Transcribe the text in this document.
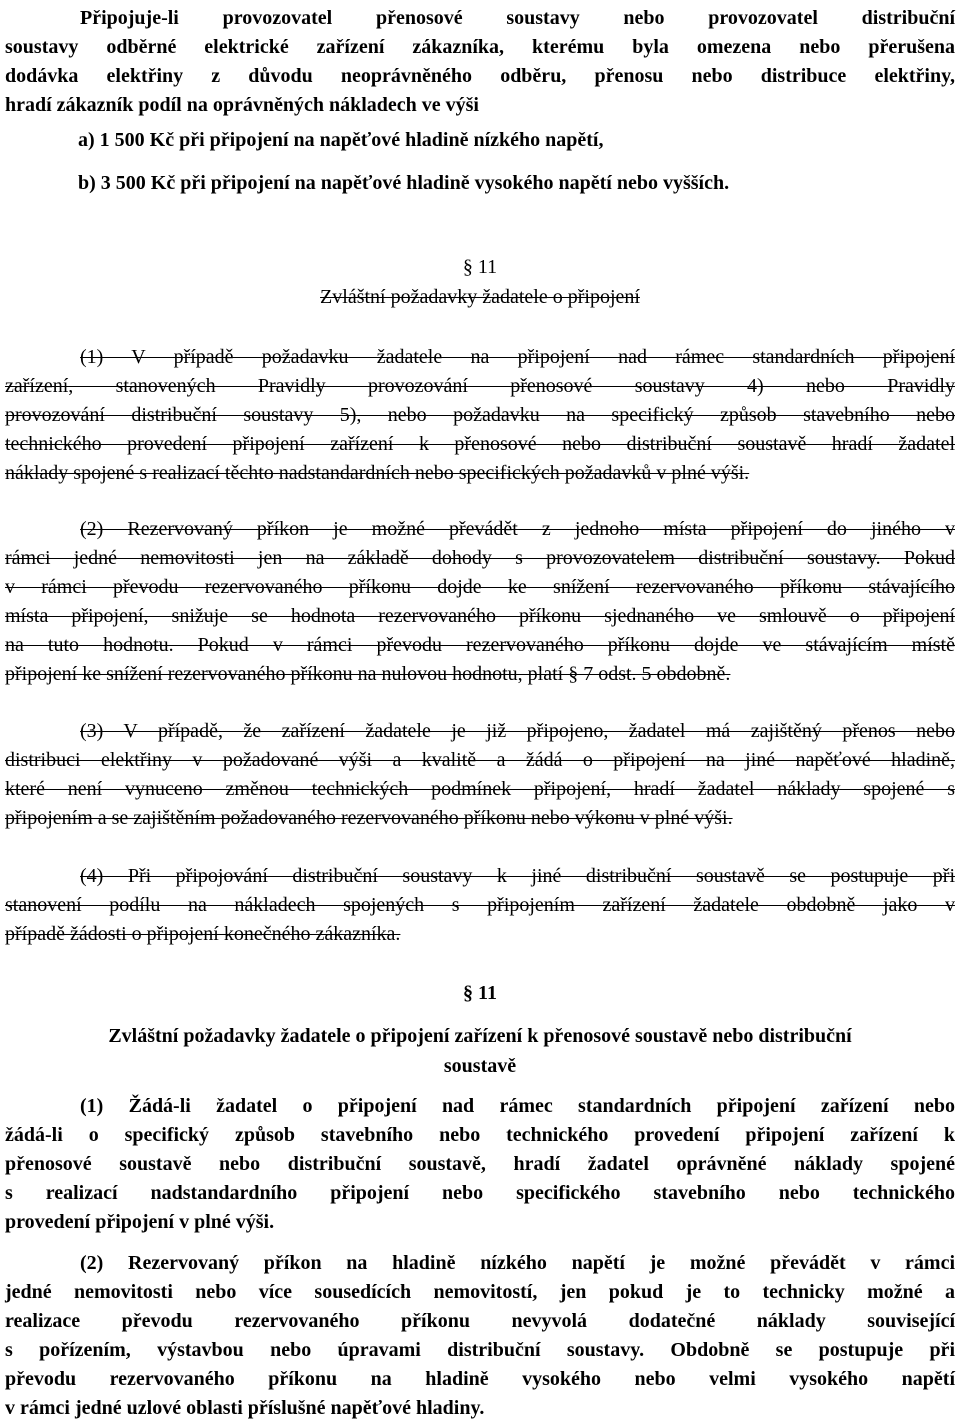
Připojuje-li provozovatel přenosové soustavy nebo provozovatel distribuční

soustavy odběrné elektrické zařízení zákazníka, kterému byla omezena nebo přerušena

dodávka elektřiny z důvodu neoprávněného odběru, přenosu nebo distribuce elektřiny,

hradí zákazník podíl na oprávněných nákladech ve výši

a) 1 500 Kč při připojení na napěťové hladině nízkého napětí,
b) 3 500 Kč při připojení na napěťové hladině vysokého napětí nebo vyšších.
§ 11
Zvláštní požadavky žadatele o připojení

(1) V případě požadavku žadatele na připojení nad rámec standardních připojení

zařízení, stanovených Pravidly provozování přenosové soustavy 4) nebo Pravidly

provozování distribuční soustavy 5), nebo požadavku na specifický způsob stavebního nebo

technického provedení připojení zařízení k přenosové nebo distribuční soustavě hradí žadatel

náklady spojené s realizací těchto nadstandardních nebo specifických požadavků v plné výši.

(2) Rezervovaný příkon je možné převádět z jednoho místa připojení do jiného v

rámci jedné nemovitosti jen na základě dohody s provozovatelem distribuční soustavy. Pokud

v rámci převodu rezervovaného příkonu dojde ke snížení rezervovaného příkonu stávajícího

místa připojení, snižuje se hodnota rezervovaného příkonu sjednaného ve smlouvě o připojení

na tuto hodnotu. Pokud v rámci převodu rezervovaného příkonu dojde ve stávajícím místě

připojení ke snížení rezervovaného příkonu na nulovou hodnotu, platí § 7 odst. 5 obdobně.

(3) V případě, že zařízení žadatele je již připojeno, žadatel má zajištěný přenos nebo

distribuci elektřiny v požadované výši a kvalitě a žádá o připojení na jiné napěťové hladině,

které není vynuceno změnou technických podmínek připojení, hradí žadatel náklady spojené s

připojením a se zajištěním požadovaného rezervovaného příkonu nebo výkonu v plné výši.

(4) Při připojování distribuční soustavy k jiné distribuční soustavě se postupuje při

stanovení podílu na nákladech spojených s připojením zařízení žadatele obdobně jako v

případě žádosti o připojení konečného zákazníka.

§ 11
Zvláštní požadavky žadatele o připojení zařízení k přenosové soustavě nebo distribuční
soustavě

(1) Žádá-li žadatel o připojení nad rámec standardních připojení zařízení nebo

žádá-li o specifický způsob stavebního nebo technického provedení připojení zařízení k

přenosové soustavě nebo distribuční soustavě, hradí žadatel oprávněné náklady spojené

s realizací nadstandardního připojení nebo specifického stavebního nebo technického

provedení připojení v plné výši.

(2) Rezervovaný příkon na hladině nízkého napětí je možné převádět v rámci

jedné nemovitosti nebo více sousedících nemovitostí, jen pokud je to technicky možné a

realizace převodu rezervovaného příkonu nevyvolá dodatečné náklady související

s pořízením, výstavbou nebo úpravami distribuční soustavy. Obdobně se postupuje při

převodu rezervovaného příkonu na hladině vysokého nebo velmi vysokého napětí

v rámci jedné uzlové oblasti příslušné napěťové hladiny.
